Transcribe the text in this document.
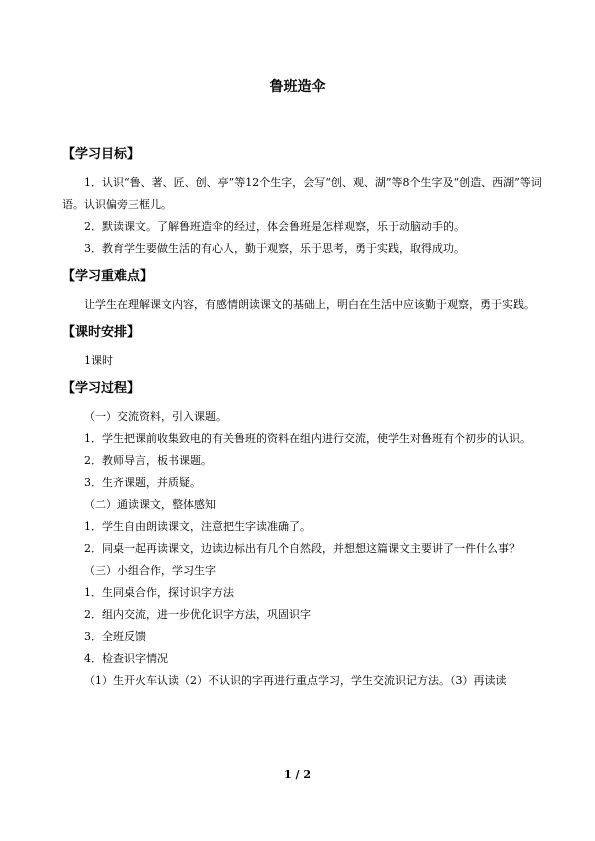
鲁班造伞
【学习目标】

1．认识“鲁、著、匠、创、亭”等12个生字，会写“创、观、湖”等8个生字及“创造、西湖”等词语。认识偏旁三框儿。

2．默读课文。了解鲁班造伞的经过，体会鲁班是怎样观察，乐于动脑动手的。

3．教育学生要做生活的有心人，勤于观察，乐于思考，勇于实践，取得成功。

【学习重难点】

让学生在理解课文内容，有感情朗读课文的基础上，明白在生活中应该勤于观察，勇于实践。

【课时安排】

1课时

【学习过程】

（一）交流资料，引入课题。

1．学生把课前收集致电的有关鲁班的资料在组内进行交流，使学生对鲁班有个初步的认识。

2．教师导言，板书课题。

3．生齐课题，并质疑。

（二）通读课文，整体感知

1．学生自由朗读课文，注意把生字读准确了。

2．同桌一起再读课文，边读边标出有几个自然段，并想想这篇课文主要讲了一件什么事？

（三）小组合作，学习生字

1．生同桌合作，探讨识字方法

2．组内交流，进一步优化识字方法，巩固识字

3．全班反馈

4．检查识字情况

（1）生开火车认读（2）不认识的字再进行重点学习，学生交流识记方法。（3）再读读

1 / 2
